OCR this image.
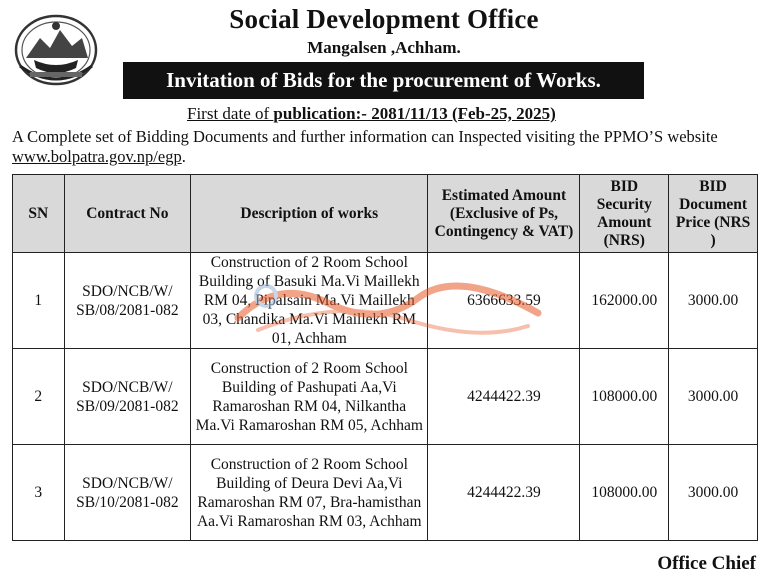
Social Development Office
Mangalsen ,Achham.
Invitation of Bids for the procurement of Works.
First date of publication:- 2081/11/13 (Feb-25, 2025)
A Complete set of Bidding Documents and further information can Inspected visiting the PPMO’S website www.bolpatra.gov.np/egp.
SN	Contract No	Description of works	Estimated Amount (Exclusive of Ps, Contingency & VAT)	BID Security Amount (NRS)	BID Document Price (NRS )
1	SDO/NCB/W/ SB/08/2081-082	Construction of 2 Room School Building of Basuki Ma.Vi Maillekh RM 04, Pipalsain Ma.Vi Maillekh 03, Chandika Ma.Vi Maillekh RM 01, Achham	6366633.59	162000.00	3000.00
2	SDO/NCB/W/ SB/09/2081-082	Construction of 2 Room School Building of Pashupati Aa,Vi Ramaroshan RM 04, Nilkantha Ma.Vi Ramaroshan RM 05, Achham	4244422.39	108000.00	3000.00
3	SDO/NCB/W/ SB/10/2081-082	Construction of 2 Room School Building of Deura Devi Aa,Vi Ramaroshan RM 07, Bra-hamisthan Aa.Vi Ramaroshan RM 03, Achham	4244422.39	108000.00	3000.00
Office Chief
